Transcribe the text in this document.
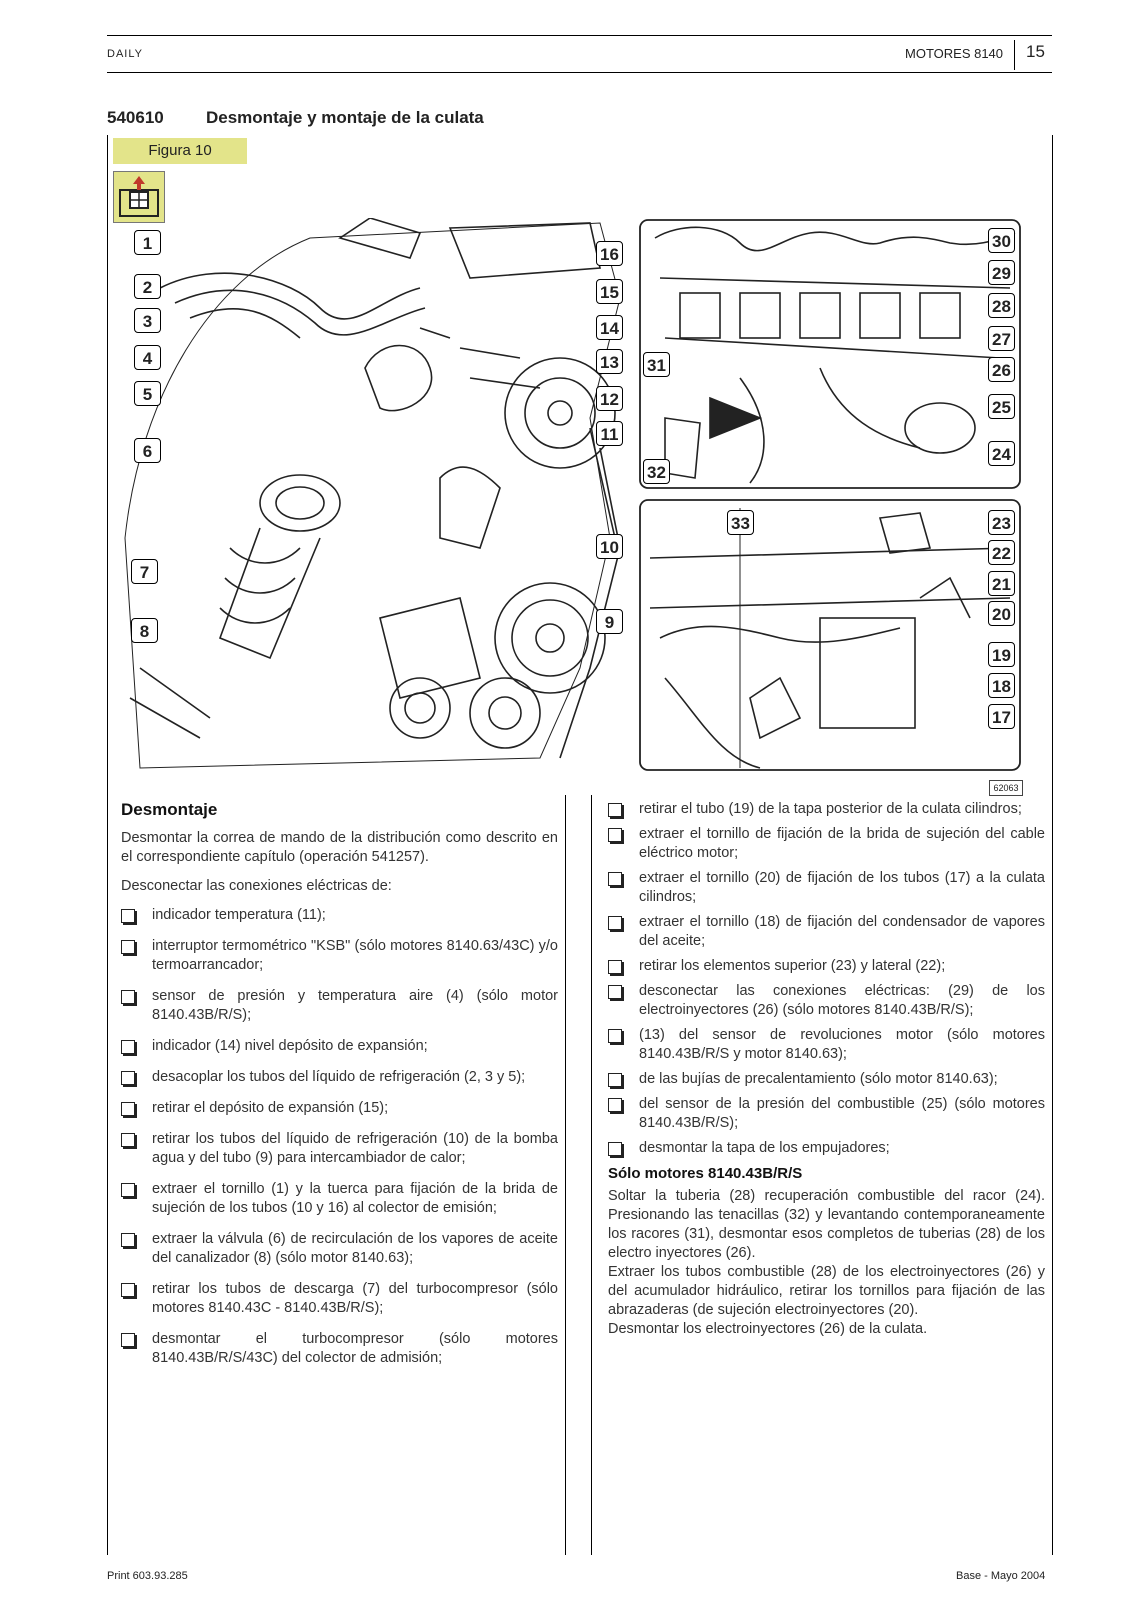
DAILY	MOTORES 8140 15
540610 Desmontaje y montaje de la culata
Figura 10
1
2
3
4
5
6
7
8	9
10
11
12
13
14
15
16
17
18
19
20
21
22
23
24
25
26
27
28
29
30
31
32
33
62063
Desmontaje
Desmontar la correa de mando de la distribución como descrito en el correspondiente capítulo (operación 541257).
Desconectar las conexiones eléctricas de:
indicador temperatura (11);
interruptor termométrico "KSB" (sólo motores 8140.63/43C) y/o termoarrancador;
sensor de presión y temperatura aire (4) (sólo motor 8140.43B/R/S);
indicador (14) nivel depósito de expansión;
desacoplar los tubos del líquido de refrigeración (2, 3 y 5);
retirar el depósito de expansión (15);
retirar los tubos del líquido de refrigeración (10) de la bomba agua y del tubo (9) para intercambiador de calor;
extraer el tornillo (1) y la tuerca para fijación de la brida de sujeción de los tubos (10 y 16) al colector de emisión;
extraer la válvula (6) de recirculación de los vapores de aceite del canalizador (8) (sólo motor 8140.63);
retirar los tubos de descarga (7) del turbocompresor (sólo motores 8140.43C - 8140.43B/R/S);
desmontar el turbocompresor (sólo motores 8140.43B/R/S/43C) del colector de admisión;
retirar el tubo (19) de la tapa posterior de la culata cilindros;
extraer el tornillo de fijación de la brida de sujeción del cable eléctrico motor;
extraer el tornillo (20) de fijación de los tubos (17) a la culata cilindros;
extraer el tornillo (18) de fijación del condensador de vapores del aceite;
retirar los elementos superior (23) y lateral (22);
desconectar las conexiones eléctricas: (29) de los electroinyectores (26) (sólo motores 8140.43B/R/S);
(13) del sensor de revoluciones motor (sólo motores 8140.43B/R/S y motor 8140.63);
de las bujías de precalentamiento (sólo motor 8140.63);
del sensor de la presión del combustible (25) (sólo motores 8140.43B/R/S);
desmontar la tapa de los empujadores;
Sólo motores 8140.43B/R/S
Soltar la tuberia (28) recuperación combustible del racor (24). Presionando las tenacillas (32) y levantando contemporaneamente los racores (31), desmontar esos completos de tuberias (28) de los electro inyectores (26).
Extraer los tubos combustible (28) de los electroinyectores (26) y del acumulador hidráulico, retirar los tornillos para fijación de las abrazaderas (de sujeción electroinyectores (20).
Desmontar los electroinyectores (26) de la culata.
Print 603.93.285	Base - Mayo 2004
